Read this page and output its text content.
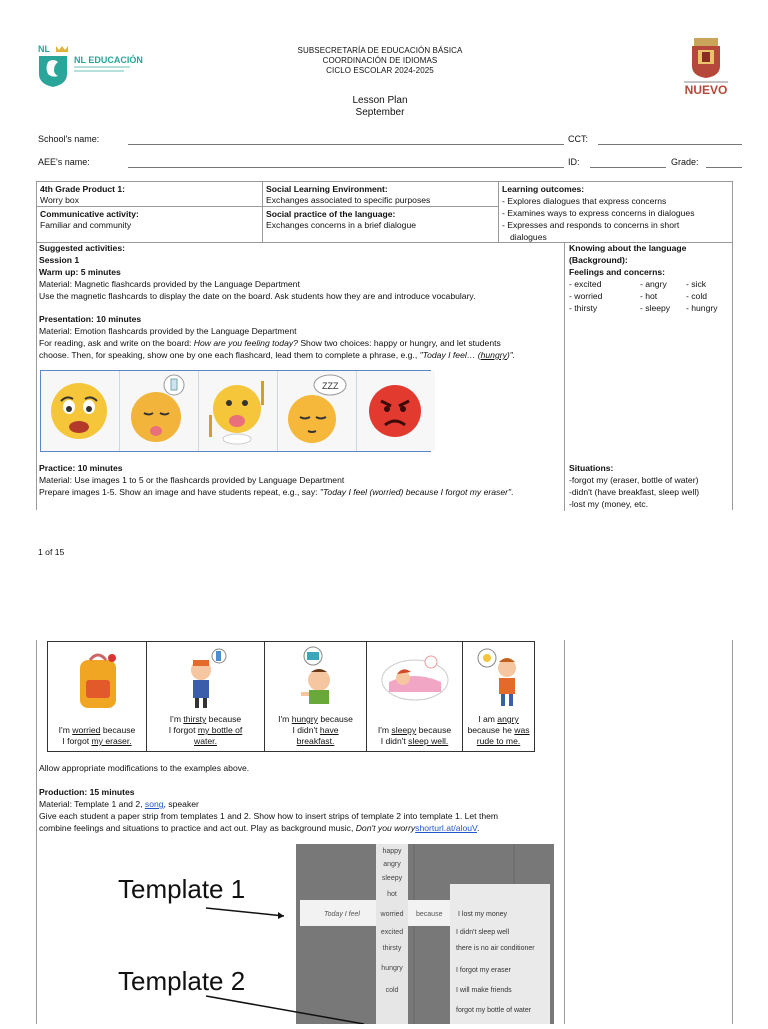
NL
NL EDUCACIÓN
SUBSECRETARÍA DE EDUCACIÓN BÁSICA
COORDINACIÓN DE IDIOMAS
CICLO ESCOLAR 2024-2025
NUEVO
Lesson Plan
September
School's name:	CCT:
AEE's name:	ID:	Grade:
4th Grade Product 1:
Worry box
Communicative activity:
Familiar and community
Social Learning Environment:
Exchanges associated to specific purposes
Social practice of the language:
Exchanges concerns in a brief dialogue
Learning outcomes:
- Explores dialogues that express concerns
- Examines ways to express concerns in dialogues
- Expresses and responds to concerns in short
dialogues
Suggested activities:
Session 1
Warm up: 5 minutes
Material: Magnetic flashcards provided by the Language Department
Use the magnetic flashcards to display the date on the board. Ask students how they are and introduce vocabulary.
Presentation: 10 minutes
Material: Emotion flashcards provided by the Language Department
For reading, ask and write on the board: How are you feeling today? Show two choices: happy or hungry, and let students
choose. Then, for speaking, show one by one each flashcard, lead them to complete a phrase, e.g., "Today I feel… (hungry)".
ZZZ
Practice: 10 minutes
Material: Use images 1 to 5 or the flashcards provided by Language Department
Prepare images 1-5. Show an image and have students repeat, e.g., say: "Today I feel (worried) because I forgot my eraser".
Knowing about the language
(Background):
Feelings and concerns:
- excited	- angry - sick
- worried	- hot	- cold
- thirsty	- sleepy - hungry
Situations:
-forgot my (eraser, bottle of water)
-didn't (have breakfast, sleep well)
-lost my (money, etc.
1 of 15
I'm worried because
I forgot my eraser.
I'm thirsty because
I forgot my bottle of
water.
I'm hungry because
I didn't have
breakfast.
I'm sleepy because
I didn't sleep well.
I am angry
because he was
rude to me.
Allow appropriate modifications to the examples above.
Production: 15 minutes
Material: Template 1 and 2, song, speaker
Give each student a paper strip from templates 1 and 2. Show how to insert strips of template 2 into template 1. Let them
combine feelings and situations to practice and act out. Play as background music, Don't you worryshorturl.at/alouV.
Template 1
Template 2
happy
angry
sleepy
hot
worried
excited
thirsty
hungry
cold
Today I feel	because I lost my money
I didn't sleep well
there is no air conditioner
I forgot my eraser
I will make friends
forgot my bottle of water
